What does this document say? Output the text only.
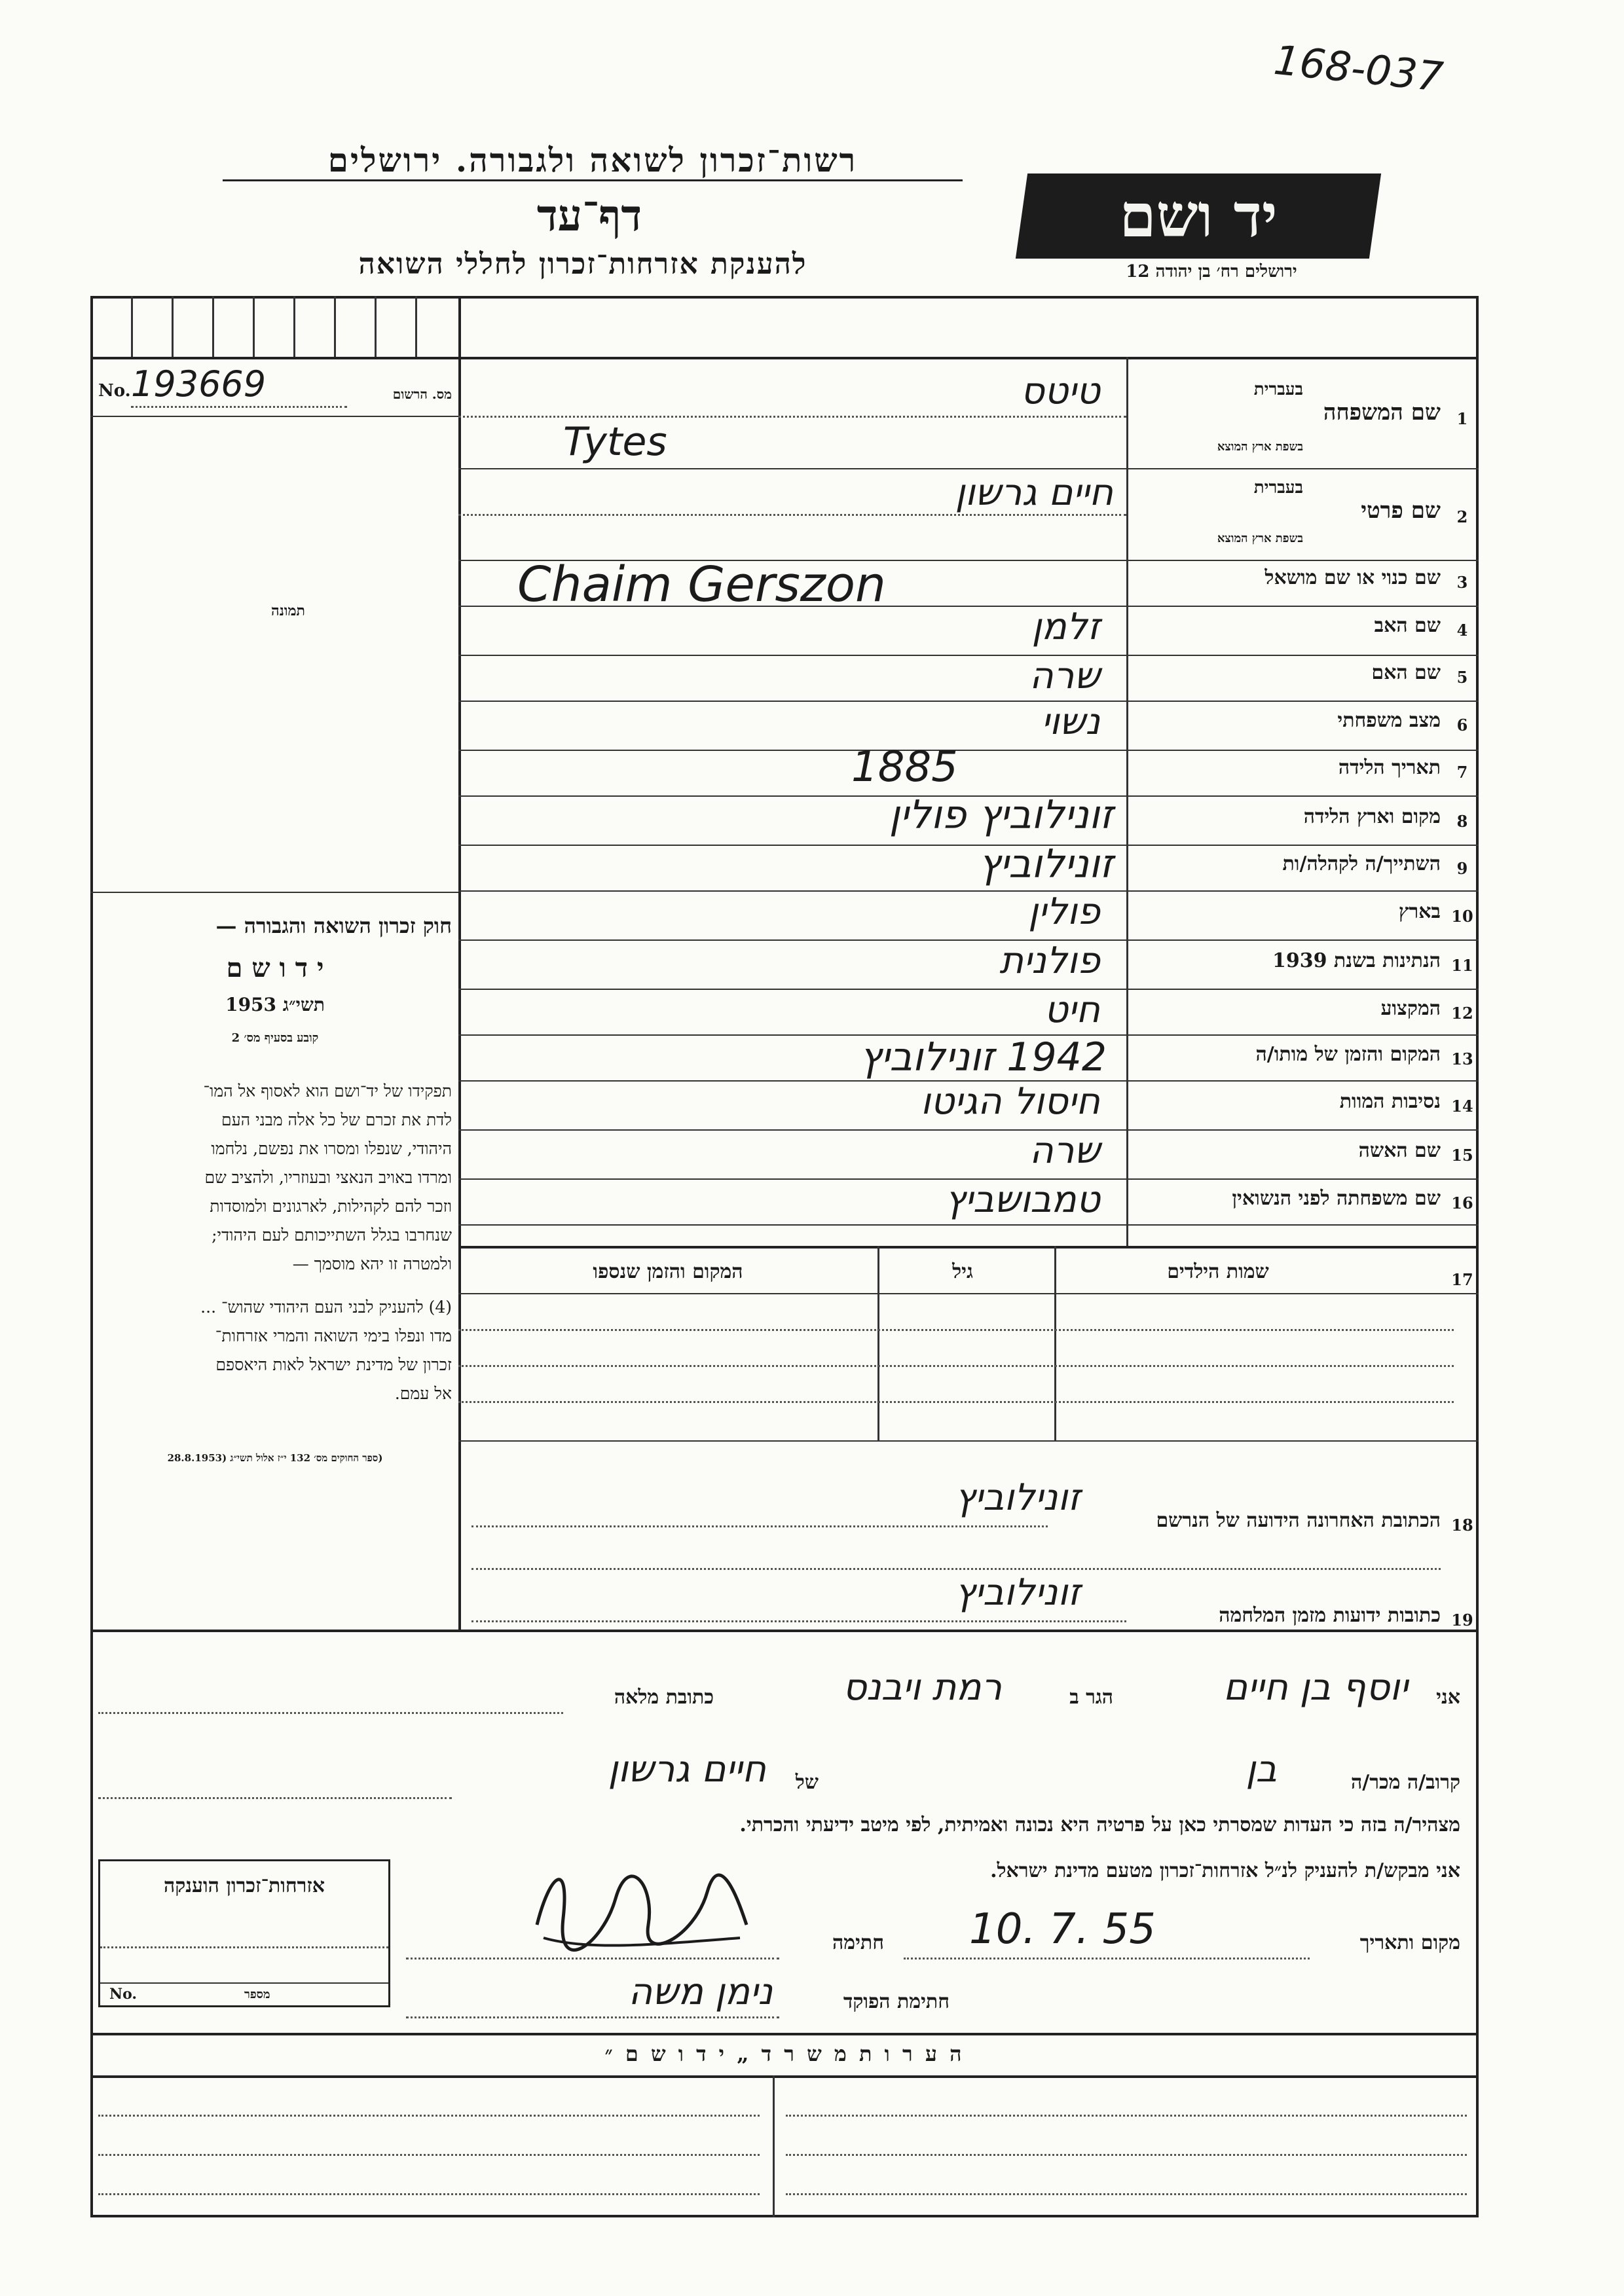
168-037
רשות־זכרון לשואה ולגבורה. ירושלים
דף־עד
להענקת אזרחות־זכרון לחללי השואה
יד ושם
ירושלים רח׳ בן יהודה 12
No. 193669	מס. הרשום
תמונה
חוק זכרון השואה והגבורה —
י ד ו ש ם
תשי״ג 1953
קובע בסעיף מס׳ 2
תפקידו של יד־ושם הוא לאסוף אל המו־
לדת את זכרם של כל אלה מבני העם
היהודי, שנפלו ומסרו את נפשם, נלחמו
ומרדו באויב הנאצי ובעוזריו, ולהציב שם
וזכר להם לקהילות, לארגונים ולמוסדות
שנחרבו בגלל השתייכותם לעם היהודי;
ולמטרה זו יהא מוסמך —
(4) להעניק לבני העם היהודי שהוש־ ...
מדו ונפלו בימי השואה והמרי אזרחות־
זכרון של מדינת ישראל לאות היאספם
אל עמם.
(ספר החוקים מס׳ 132 י״ז אלול תשי״ג (28.8.1953
1
שם המשפחה
בעברית
בשפת ארץ המוצא
טיטס
Tytes
2
שם פרטי
בעברית
בשפת ארץ המוצא
חיים גרשון
3
שם כנוי או שם מושאל
Chaim Gerszon
4
שם האב
זלמן
5
שם האם
שרה
6
מצב משפחתי
נשוי
7
תאריך הלידה
1885
8
מקום וארץ הלידה
זונילוביץ פולין
9
השתייך/ה לקהלה/ות
זונילוביץ
10
בארץ
פולין
11
הנתינות בשנת 1939
פולנית
12
המקצוע
חיט
13
המקום והזמן של מותו/ה
1942 זונילוביץ
14
נסיבות המוות
חיסול הגיטו
15
שם האשה
שרה
16
שם משפחתה לפני הנשואין
טמבושביץ
17
שמות הילדים
גיל
המקום והזמן שנספו
זונילוביץ
הכתובת האחרונה הידועה של הנרשם 18
זונילוביץ
כתובות ידועות מזמן המלחמה 19
אני
יוסף בן חיים
הגר ב
רמת ויבנס
כתובת מלאה
קרוב/ה מכר/ה
בן
של
חיים גרשון
מצהיר/ה בזה כי העדות שמסרתי כאן על פרטיה היא נכונה ואמיתית, לפי מיטב ידיעתי והכרתי.
אני מבקש/ת להעניק לנ״ל אזרחות־זכרון מטעם מדינת ישראל.
מקום ותאריך
10. 7. 55
חתימה
חתימת הפוקד
נימן משה
אזרחות־זכרון הוענקה
No.	מספר
ה ע ר ו ת מ ש ר ד „ י ד ו ש ם ״
